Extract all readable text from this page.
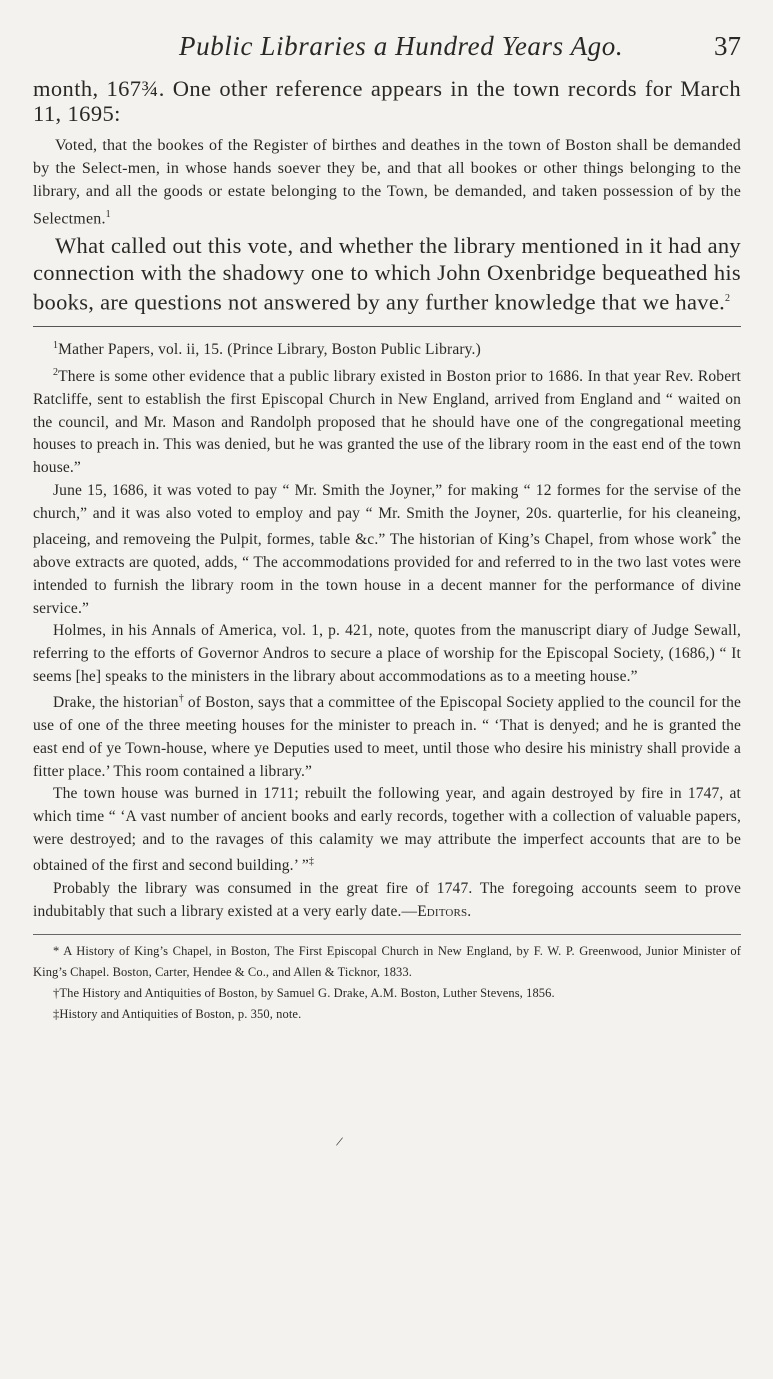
Public Libraries a Hundred Years Ago.	37

month, 167¾. One other reference appears in the town records for March 11, 1695:

Voted, that the bookes of the Register of birthes and deathes in the town of Boston shall be demanded by the Select-men, in whose hands soever they be, and that all bookes or other things belonging to the library, and all the goods or estate belonging to the Town, be demanded, and taken possession of by the Selectmen.$^1$

What called out this vote, and whether the library mentioned in it had any connection with the shadowy one to which John Oxenbridge bequeathed his books, are questions not answered by any further knowledge that we have.$^2$

$^1$Mather Papers, vol. ii, 15. (Prince Library, Boston Public Library.)

$^2$There is some other evidence that a public library existed in Boston prior to 1686. In that year Rev. Robert Ratcliffe, sent to establish the first Episcopal Church in New England, arrived from England and “ waited on the council, and Mr. Mason and Randolph proposed that he should have one of the congregational meeting houses to preach in. This was denied, but he was granted the use of the library room in the east end of the town house.”

June 15, 1686, it was voted to pay “ Mr. Smith the Joyner,” for making “ 12 formes for the servise of the church,” and it was also voted to employ and pay “ Mr. Smith the Joyner, 20s. quarterlie, for his cleaneing, placeing, and removeing the Pulpit, formes, table &c.” The historian of King’s Chapel, from whose work* the above extracts are quoted, adds, “ The accommodations provided for and referred to in the two last votes were intended to furnish the library room in the town house in a decent manner for the performance of divine service.”

Holmes, in his Annals of America, vol. 1, p. 421, note, quotes from the manuscript diary of Judge Sewall, referring to the efforts of Governor Andros to secure a place of worship for the Episcopal Society, (1686,) “ It seems [he] speaks to the ministers in the library about accommodations as to a meeting house.”

Drake, the historian† of Boston, says that a committee of the Episcopal Society applied to the council for the use of one of the three meeting houses for the minister to preach in. “ ‘That is denyed; and he is granted the east end of ye Town-house, where ye Deputies used to meet, until those who desire his ministry shall provide a fitter place.’ This room contained a library.”

The town house was burned in 1711; rebuilt the following year, and again destroyed by fire in 1747, at which time “ ‘A vast number of ancient books and early records, together with a collection of valuable papers, were destroyed; and to the ravages of this calamity we may attribute the imperfect accounts that are to be obtained of the first and second building.’ ”‡

Probably the library was consumed in the great fire of 1747. The foregoing accounts seem to prove indubitably that such a library existed at a very early date.—Editors.

* A History of King’s Chapel, in Boston, The First Episcopal Church in New England, by F. W. P. Greenwood, Junior Minister of King’s Chapel. Boston, Carter, Hendee & Co., and Allen & Ticknor, 1833.

†The History and Antiquities of Boston, by Samuel G. Drake, A.M. Boston, Luther Stevens, 1856.

‡History and Antiquities of Boston, p. 350, note.

/
